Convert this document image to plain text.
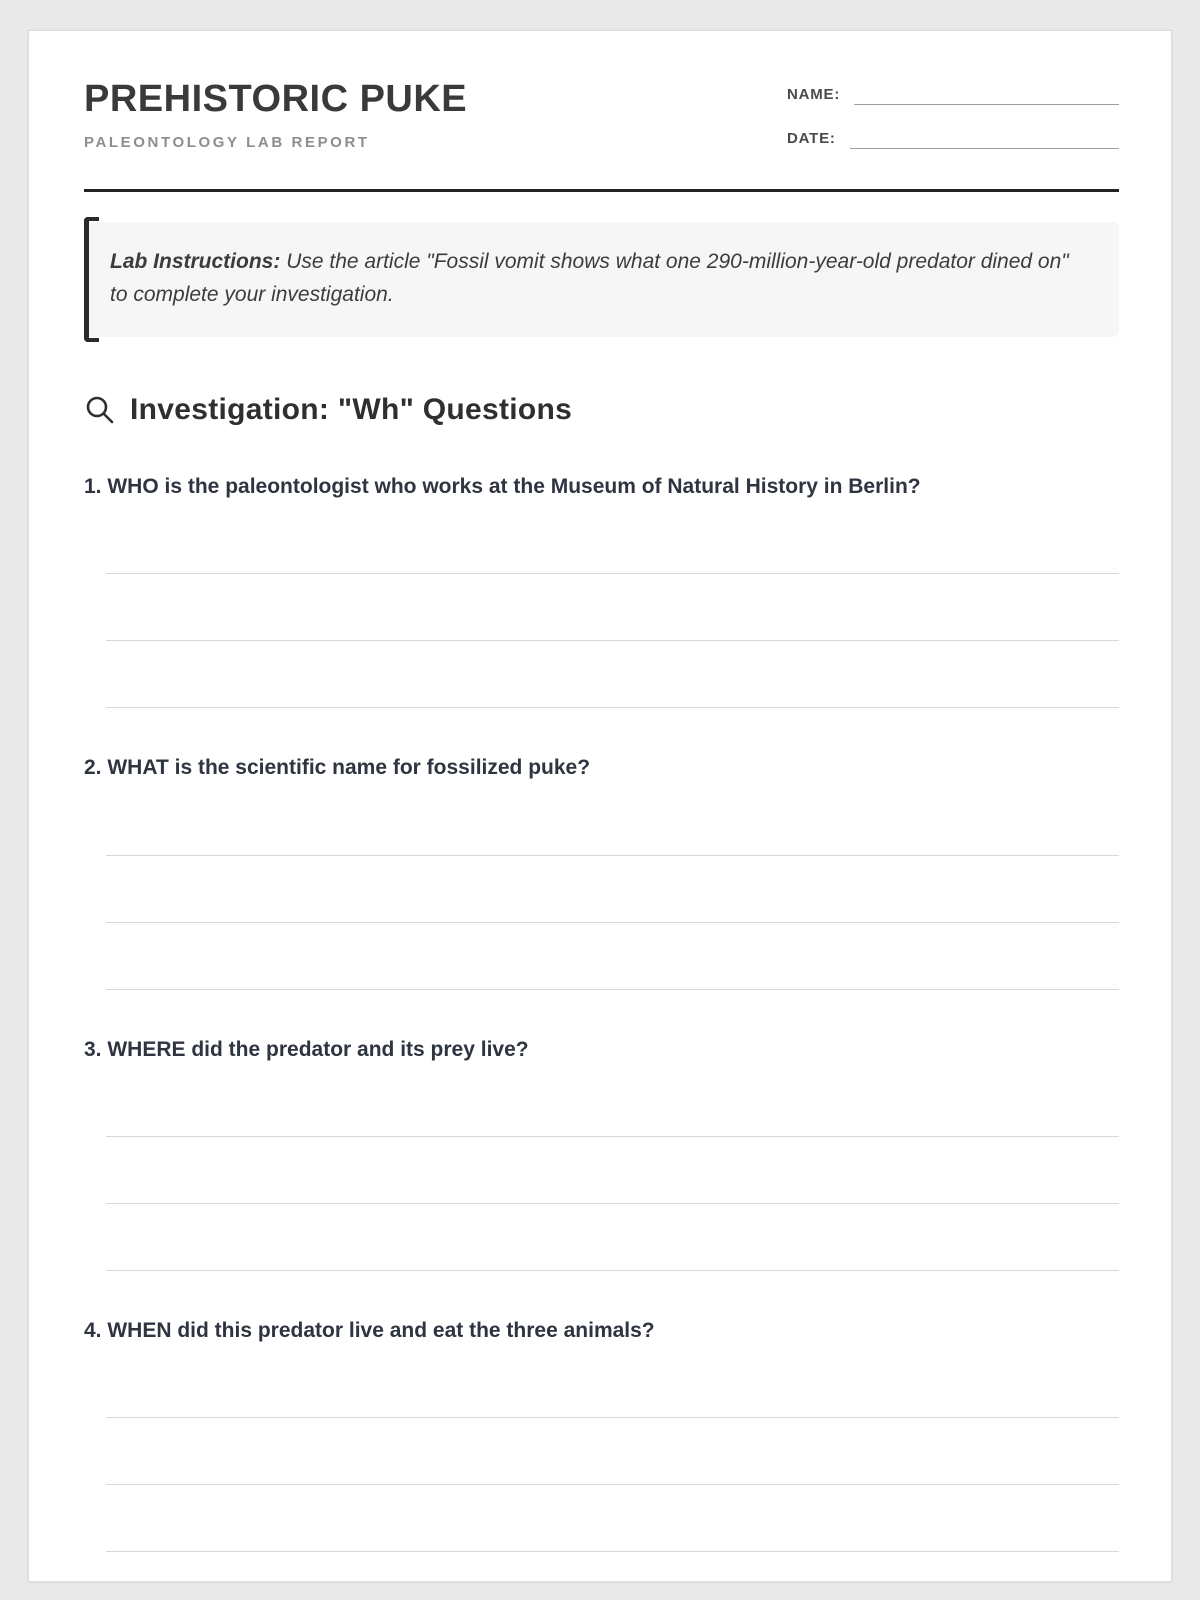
PREHISTORIC PUKE
PALEONTOLOGY LAB REPORT
NAME:
DATE:
Lab Instructions: Use the article "Fossil vomit shows what one 290-million-year-old predator dined on" to complete your investigation.
Investigation: "Wh" Questions
1. WHO is the paleontologist who works at the Museum of Natural History in Berlin?
2. WHAT is the scientific name for fossilized puke?
3. WHERE did the predator and its prey live?
4. WHEN did this predator live and eat the three animals?
